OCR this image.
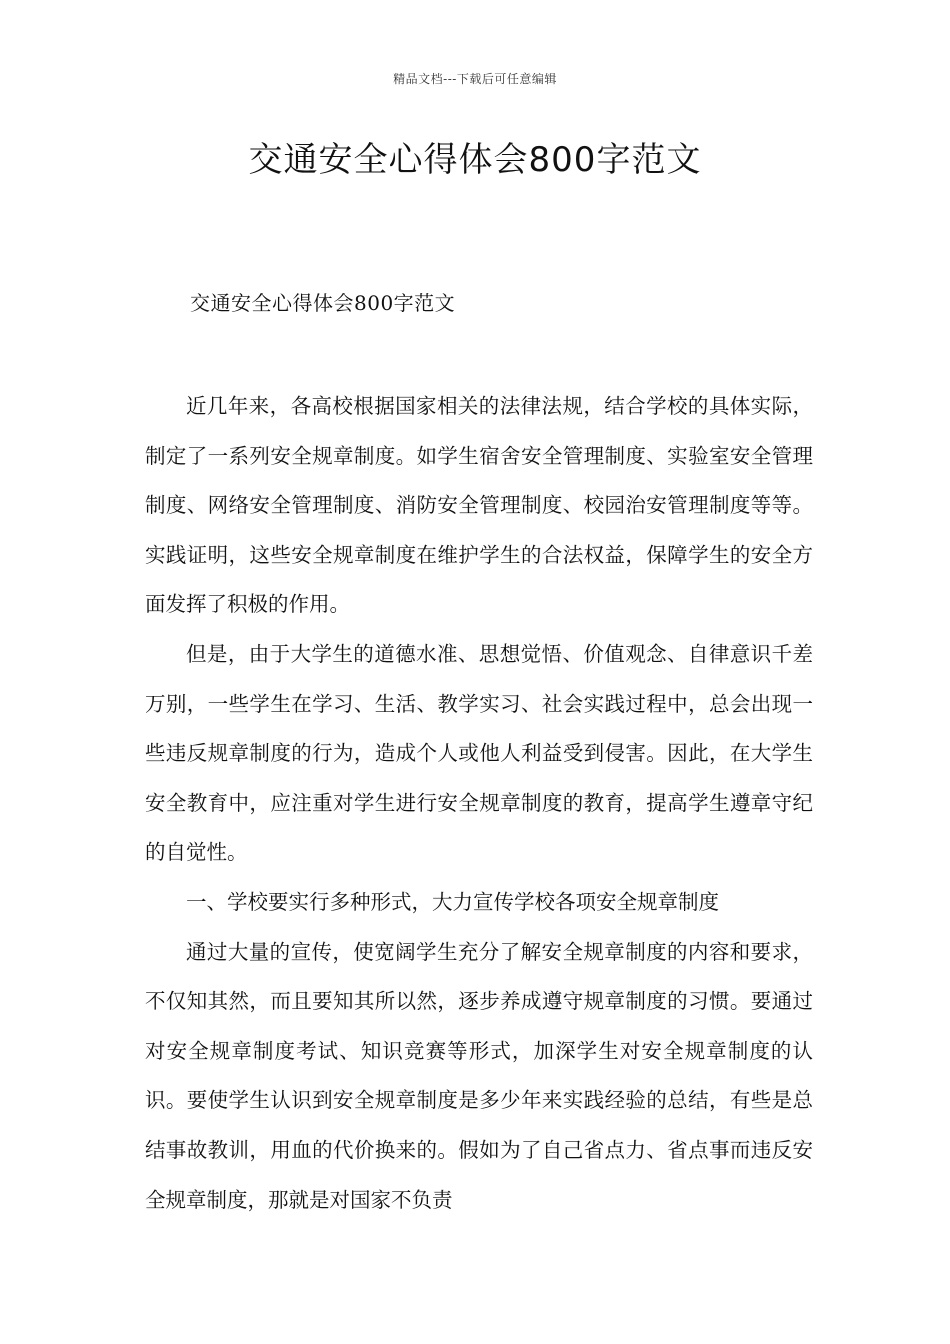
精品文档---下载后可任意编辑
交通安全心得体会800字范文
交通安全心得体会800字范文

近几年来，各高校根据国家相关的法律法规，结合学校的具体实际，制定了一系列安全规章制度。如学生宿舍安全管理制度、实验室安全管理制度、网络安全管理制度、消防安全管理制度、校园治安管理制度等等。实践证明，这些安全规章制度在维护学生的合法权益，保障学生的安全方面发挥了积极的作用。

但是，由于大学生的道德水准、思想觉悟、价值观念、自律意识千差万别，一些学生在学习、生活、教学实习、社会实践过程中，总会出现一些违反规章制度的行为，造成个人或他人利益受到侵害。因此，在大学生安全教育中，应注重对学生进行安全规章制度的教育，提高学生遵章守纪的自觉性。

一、学校要实行多种形式，大力宣传学校各项安全规章制度

通过大量的宣传，使宽阔学生充分了解安全规章制度的内容和要求，不仅知其然，而且要知其所以然，逐步养成遵守规章制度的习惯。要通过对安全规章制度考试、知识竞赛等形式，加深学生对安全规章制度的认识。要使学生认识到安全规章制度是多少年来实践经验的总结，有些是总结事故教训，用血的代价换来的。假如为了自己省点力、省点事而违反安全规章制度，那就是对国家不负责
